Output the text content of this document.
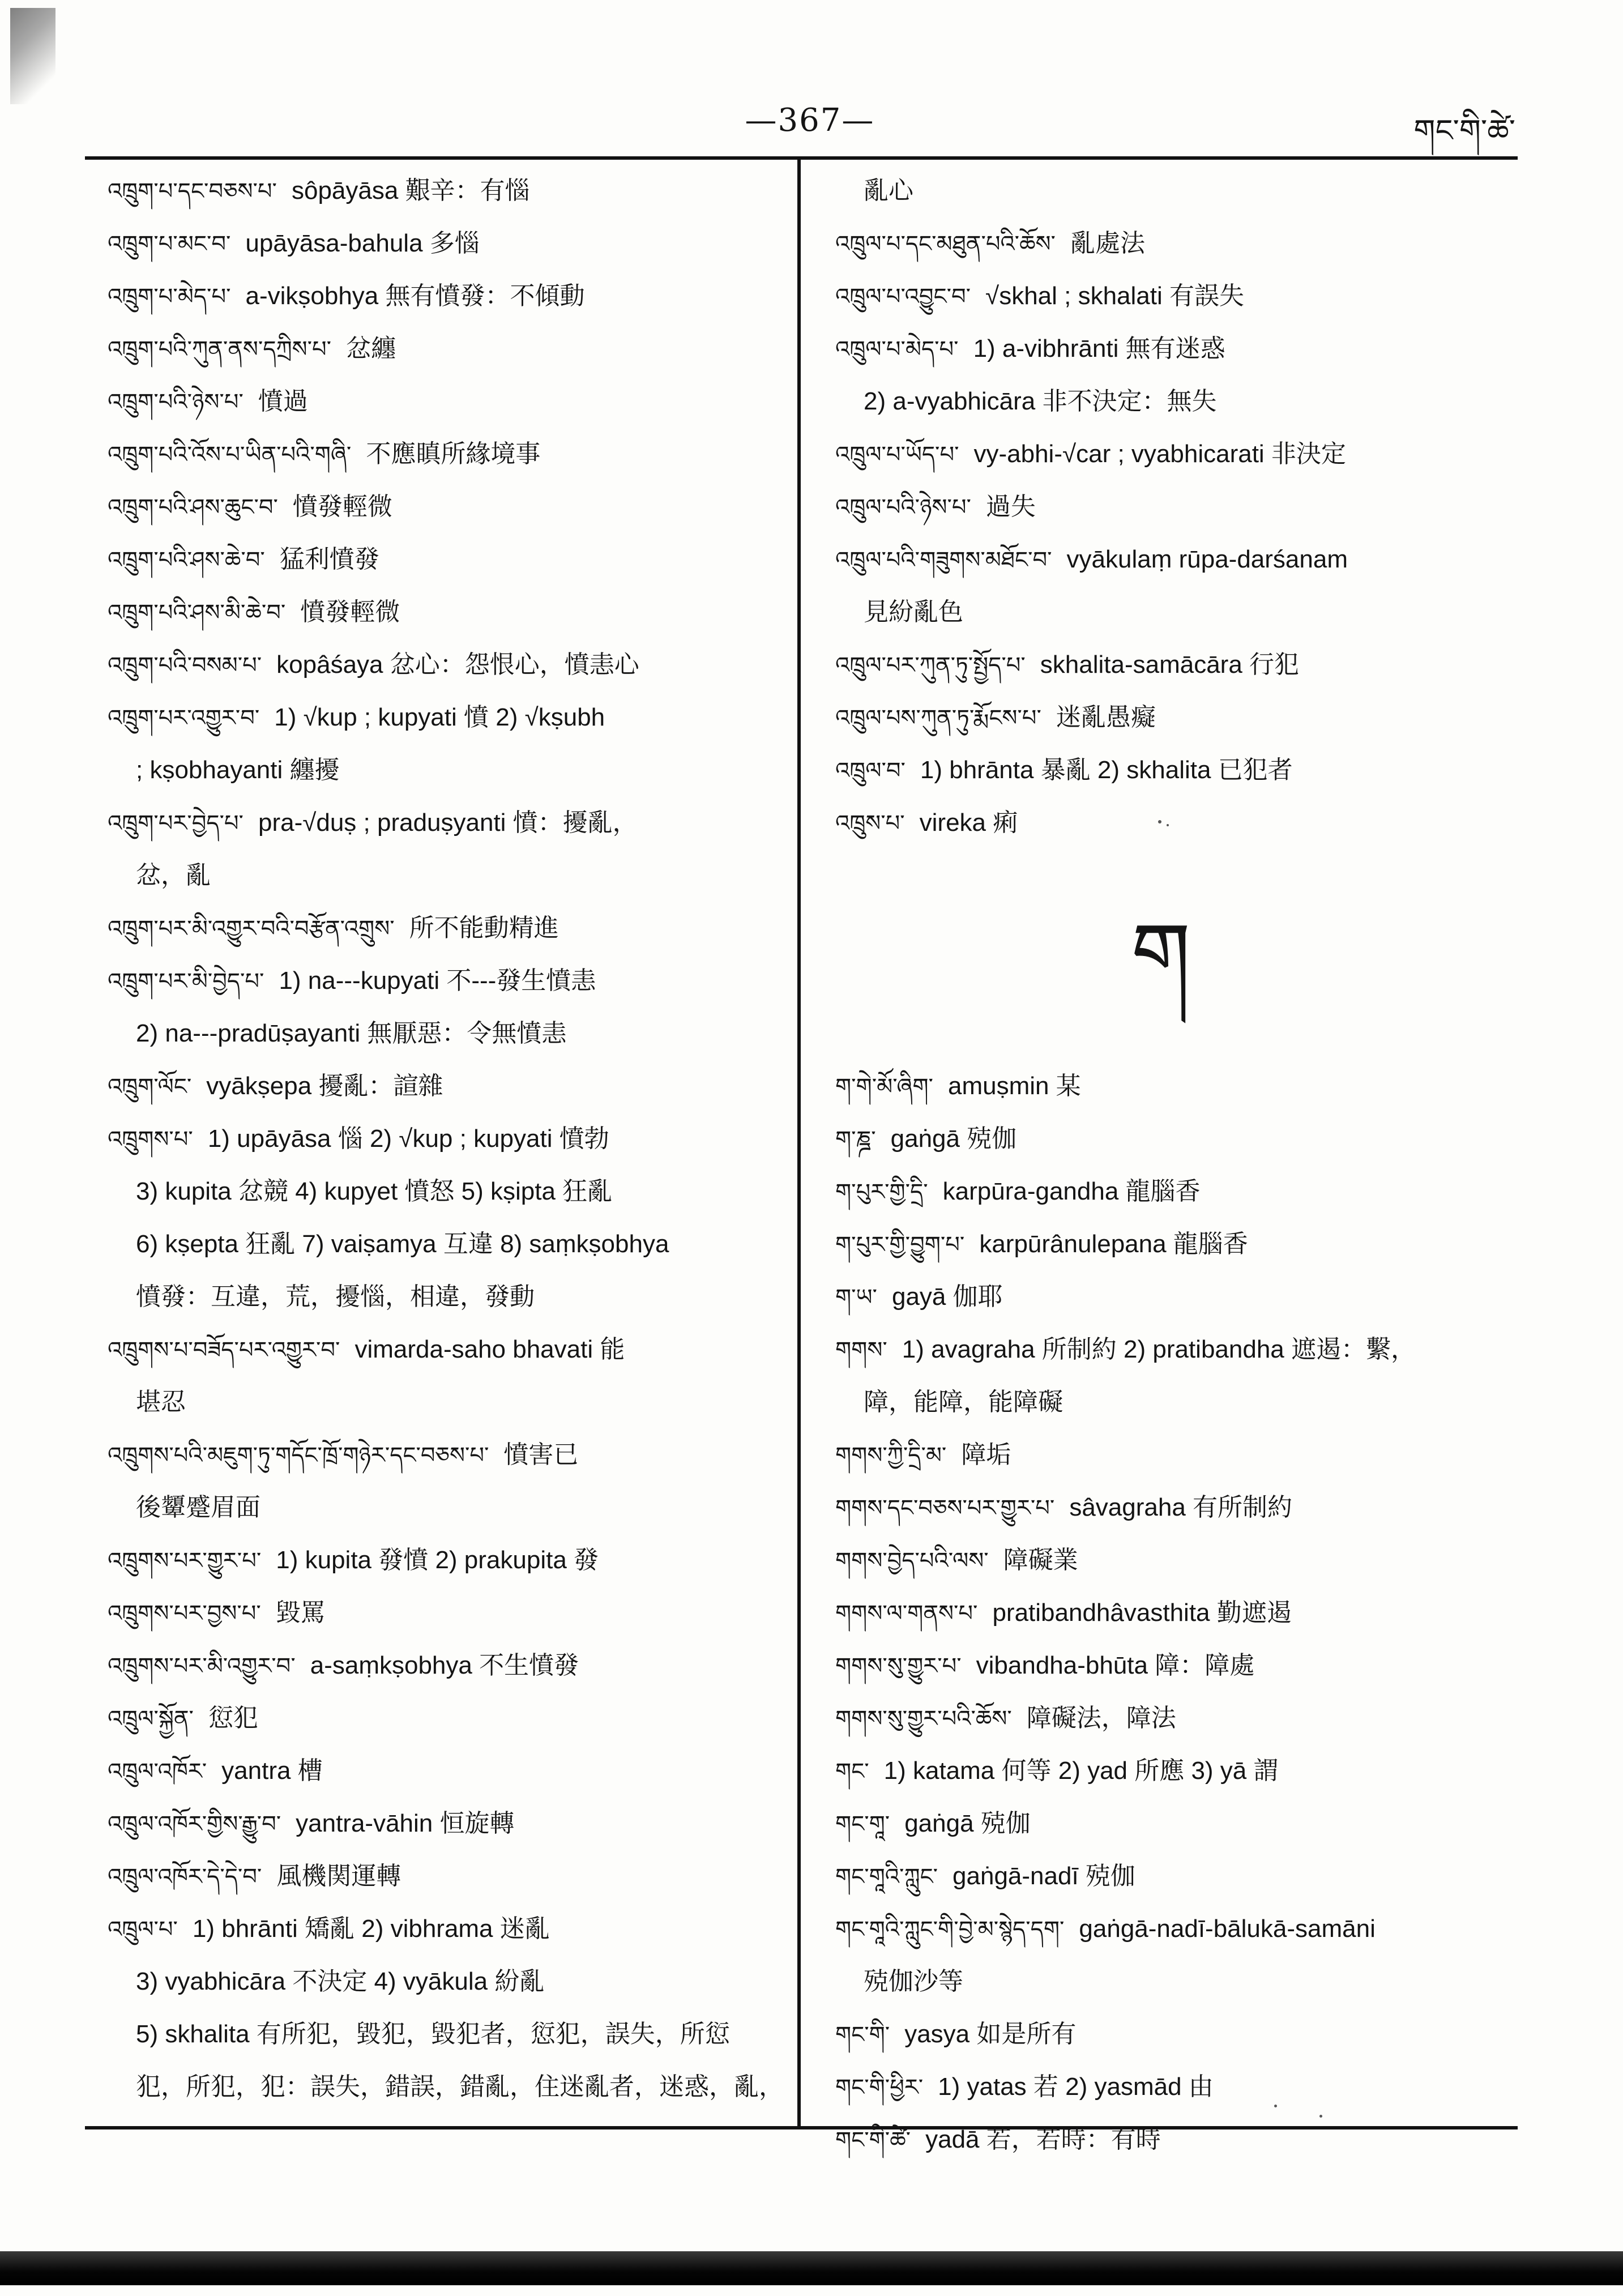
—367—	གང་གི་ཚེ་
འཁྲུག་པ་དང་བཅས་པ་ sôpāyāsa 艱辛：有惱
འཁྲུག་པ་མང་བ་ upāyāsa-bahula 多惱
འཁྲུག་པ་མེད་པ་ a-vikṣobhya 無有憤發：不傾動
འཁྲུག་པའི་ཀུན་ནས་དཀྲིས་པ་ 忿纏
འཁྲུག་པའི་ཉེས་པ་ 憤過
འཁྲུག་པའི་འོས་པ་ཡིན་པའི་གཞི་ 不應瞋所緣境事
འཁྲུག་པའི་ཤས་ཆུང་བ་ 憤發輕微
འཁྲུག་པའི་ཤས་ཆེ་བ་ 猛利憤發
འཁྲུག་པའི་ཤས་མི་ཆེ་བ་ 憤發輕微
འཁྲུག་པའི་བསམ་པ་ kopâśaya 忿心：怨恨心，憤恚心
འཁྲུག་པར་འགྱུར་བ་ 1) √kup ; kupyati 憤 2) √kṣubh
; kṣobhayanti 纏擾
འཁྲུག་པར་བྱེད་པ་ pra-√duṣ ; praduṣyanti 憤：擾亂，
忿，亂
འཁྲུག་པར་མི་འགྱུར་བའི་བརྩོན་འགྲུས་ 所不能動精進
འཁྲུག་པར་མི་བྱེད་པ་ 1) na---kupyati 不---發生憤恚
2) na---pradūṣayanti 無厭惡：令無憤恚
འཁྲུག་ལོང་ vyākṣepa 擾亂：諠雜
འཁྲུགས་པ་ 1) upāyāsa 惱 2) √kup ; kupyati 憤勃
3) kupita 忿競 4) kupyet 憤怒 5) kṣipta 狂亂
6) kṣepta 狂亂 7) vaiṣamya 互違 8) saṃkṣobhya
憤發：互違，荒，擾惱，相違，發動
འཁྲུགས་པ་བཟོད་པར་འགྱུར་བ་ vimarda-saho bhavati 能
堪忍
འཁྲུགས་པའི་མཇུག་ཏུ་གདོང་ཁྲོ་གཉེར་དང་བཅས་པ་ 憤害已
後顰蹙眉面
འཁྲུགས་པར་གྱུར་པ་ 1) kupita 發憤 2) prakupita 發
འཁྲུགས་པར་བྱས་པ་ 毀罵
འཁྲུགས་པར་མི་འགྱུར་བ་ a-saṃkṣobhya 不生憤發
འཁྲུལ་སྐྱོན་ 愆犯
འཁྲུལ་འཁོར་ yantra 槽
འཁྲུལ་འཁོར་གྱིས་རྒྱུ་བ་ yantra-vāhin 恒旋轉
འཁྲུལ་འཁོར་དེ་དེ་བ་ 風機関運轉
འཁྲུལ་པ་ 1) bhrānti 矯亂 2) vibhrama 迷亂
3) vyabhicāra 不決定 4) vyākula 紛亂
5) skhalita 有所犯，毀犯，毀犯者，愆犯，誤失，所愆
犯，所犯，犯：誤失，錯誤，錯亂，住迷亂者，迷惑，亂，
亂心
འཁྲུལ་པ་དང་མཐུན་པའི་ཆོས་ 亂處法
འཁྲུལ་པ་འབྱུང་བ་ √skhal ; skhalati 有誤失
འཁྲུལ་པ་མེད་པ་ 1) a-vibhrānti 無有迷惑
2) a-vyabhicāra 非不決定：無失
འཁྲུལ་པ་ཡོད་པ་ vy-abhi-√car ; vyabhicarati 非決定
འཁྲུལ་པའི་ཉེས་པ་ 過失
འཁྲུལ་པའི་གཟུགས་མཐོང་བ་ vyākulaṃ rūpa-darśanam
見紛亂色
འཁྲུལ་པར་ཀུན་ཏུ་སྤྱོད་པ་ skhalita-samācāra 行犯
འཁྲུལ་པས་ཀུན་ཏུ་རྨོངས་པ་ 迷亂愚癡
འཁྲུལ་བ་ 1) bhrānta 暴亂 2) skhalita 已犯者
འཁྲུས་པ་ vireka 痢
ག
ག་གེ་མོ་ཞིག་ amuṣmin 某
ག་ཎྜ་ gaṅgā 殑伽
ག་པུར་གྱི་དྲི་ karpūra-gandha 龍腦香
ག་པུར་གྱི་བྱུག་པ་ karpūrânulepana 龍腦香
ག་ཡ་ gayā 伽耶
གགས་ 1) avagraha 所制約 2) pratibandha 遮遏：繫，
障，能障，能障礙
གགས་ཀྱི་དྲི་མ་ 障垢
གགས་དང་བཅས་པར་གྱུར་པ་ sâvagraha 有所制約
གགས་བྱེད་པའི་ལས་ 障礙業
གགས་ལ་གནས་པ་ pratibandhâvasthita 勤遮遏
གགས་སུ་གྱུར་པ་ vibandha-bhūta 障：障處
གགས་སུ་གྱུར་པའི་ཆོས་ 障礙法，障法
གང་ 1) katama 何等 2) yad 所應 3) yā 謂
གང་གཱ་ gaṅgā 殑伽
གང་གཱའི་ཀླུང་ gaṅgā-nadī 殑伽
གང་གཱའི་ཀླུང་གི་བྱེ་མ་སྙེད་དག་ gaṅgā-nadī-bālukā-samāni
殑伽沙等
གང་གི་ yasya 如是所有
གང་གི་ཕྱིར་ 1) yatas 若 2) yasmād 由
གང་གི་ཚེ་ yadā 若，若時：有時
